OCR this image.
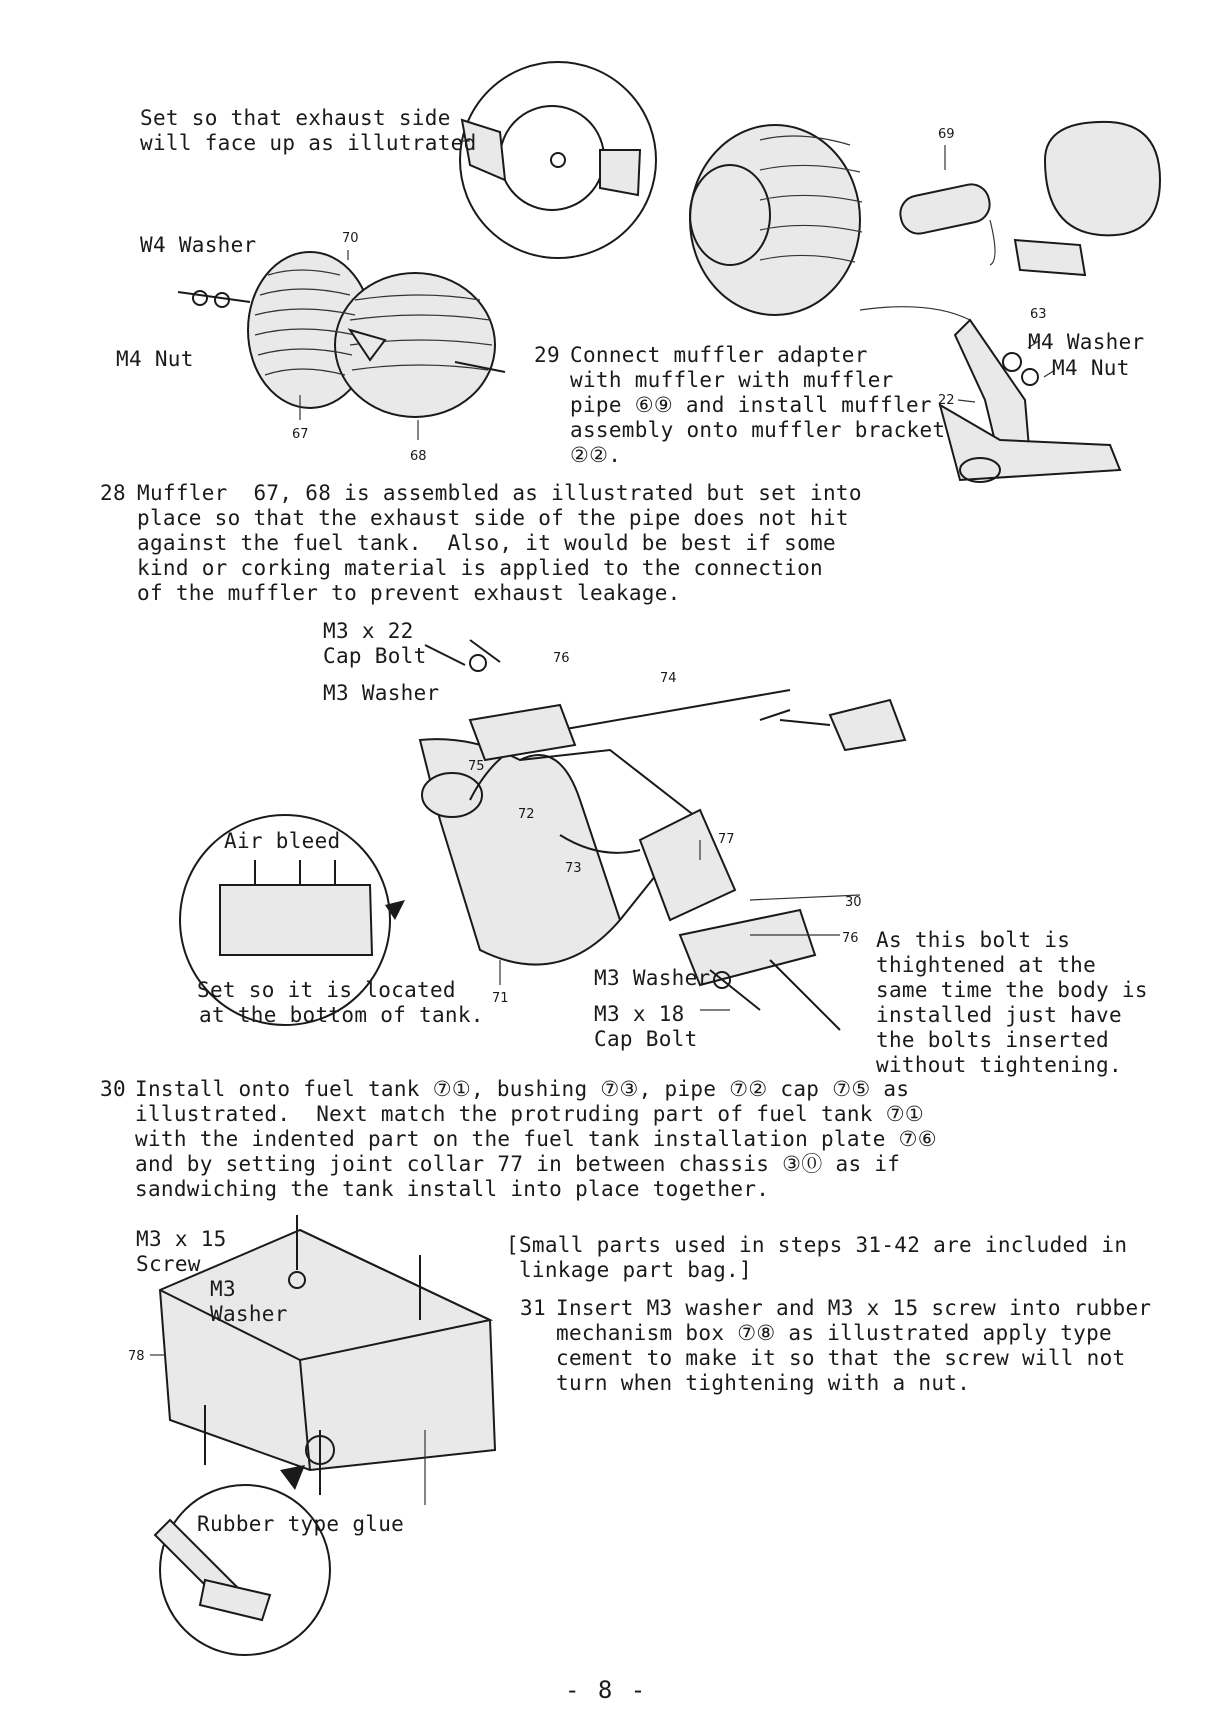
70
67
68
69
63
22
76
74
75
72
73
77
30
76
71
78
Set so that exhaust side
will face up as illutrated
W4 Washer
M4 Nut
M4 Washer
M4 Nut
29 Connect muffler adapter
with muffler with muffler
pipe ⑥⑨ and install muffler
assembly onto muffler bracket
②②.
28 Muffler  67, 68 is assembled as illustrated but set into
place so that the exhaust side of the pipe does not hit
against the fuel tank.  Also, it would be best if some
kind or corking material is applied to the connection
of the muffler to prevent exhaust leakage.
M3 x 22
Cap Bolt
M3 Washer
Air bleed
Set so it is located
at the bottom of tank.
M3 Washer
M3 x 18
Cap Bolt
As this bolt is
thightened at the
same time the body is
installed just have
the bolts inserted
without tightening.
30 Install onto fuel tank ⑦①, bushing ⑦③, pipe ⑦② cap ⑦⑤ as
illustrated.  Next match the protruding part of fuel tank ⑦①
with the indented part on the fuel tank installation plate ⑦⑥
and by setting joint collar 77 in between chassis ③⓪ as if
sandwiching the tank install into place together.
M3 x 15
Screw
M3
Washer
Rubber type glue
[Small parts used in steps 31-42 are included in
linkage part bag.]
31 Insert M3 washer and M3 x 15 screw into rubber
mechanism box ⑦⑧ as illustrated apply type
cement to make it so that the screw will not
turn when tightening with a nut.
- 8 -
